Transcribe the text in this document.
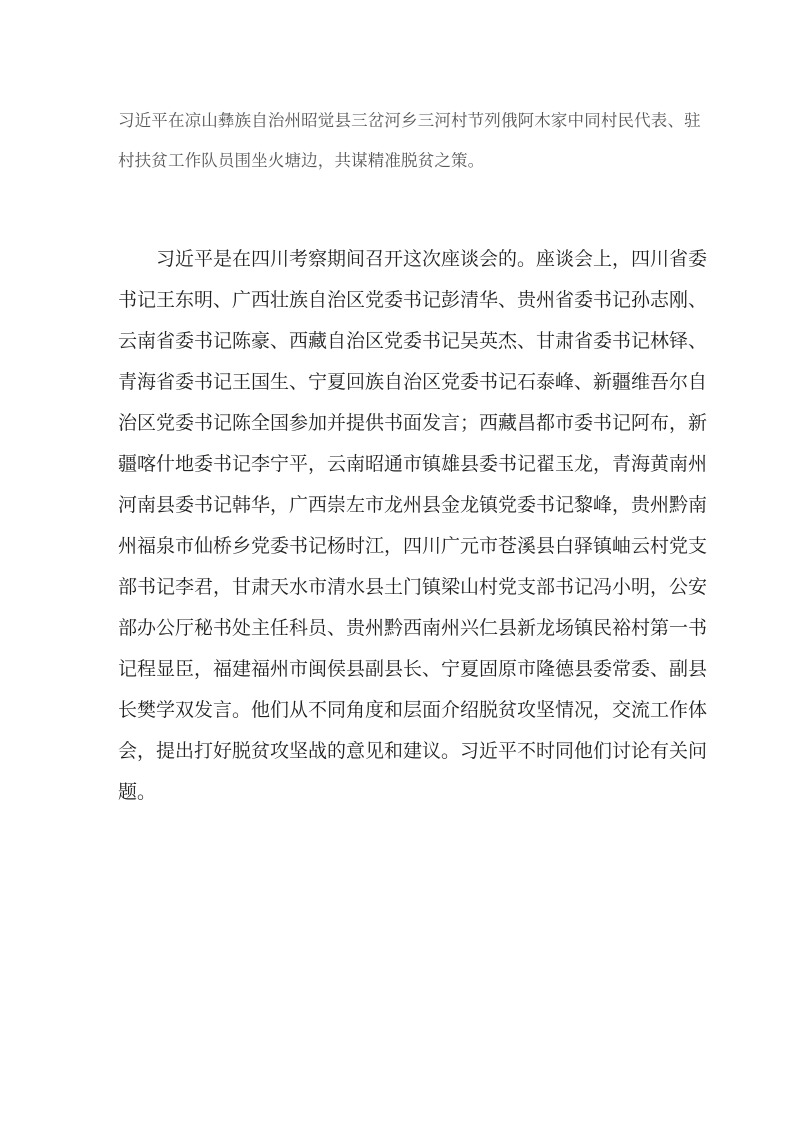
习近平在凉山彝族自治州昭觉县三岔河乡三河村节列俄阿木家中同村民代表、驻
村扶贫工作队员围坐火塘边，共谋精准脱贫之策。
习近平是在四川考察期间召开这次座谈会的。座谈会上，四川省委
书记王东明、广西壮族自治区党委书记彭清华、贵州省委书记孙志刚、
云南省委书记陈豪、西藏自治区党委书记吴英杰、甘肃省委书记林铎、
青海省委书记王国生、宁夏回族自治区党委书记石泰峰、新疆维吾尔自
治区党委书记陈全国参加并提供书面发言；西藏昌都市委书记阿布，新
疆喀什地委书记李宁平，云南昭通市镇雄县委书记翟玉龙，青海黄南州
河南县委书记韩华，广西崇左市龙州县金龙镇党委书记黎峰，贵州黔南
州福泉市仙桥乡党委书记杨时江，四川广元市苍溪县白驿镇岫云村党支
部书记李君，甘肃天水市清水县土门镇梁山村党支部书记冯小明，公安
部办公厅秘书处主任科员、贵州黔西南州兴仁县新龙场镇民裕村第一书
记程显臣，福建福州市闽侯县副县长、宁夏固原市隆德县委常委、副县
长樊学双发言。他们从不同角度和层面介绍脱贫攻坚情况，交流工作体
会，提出打好脱贫攻坚战的意见和建议。习近平不时同他们讨论有关问
题。
